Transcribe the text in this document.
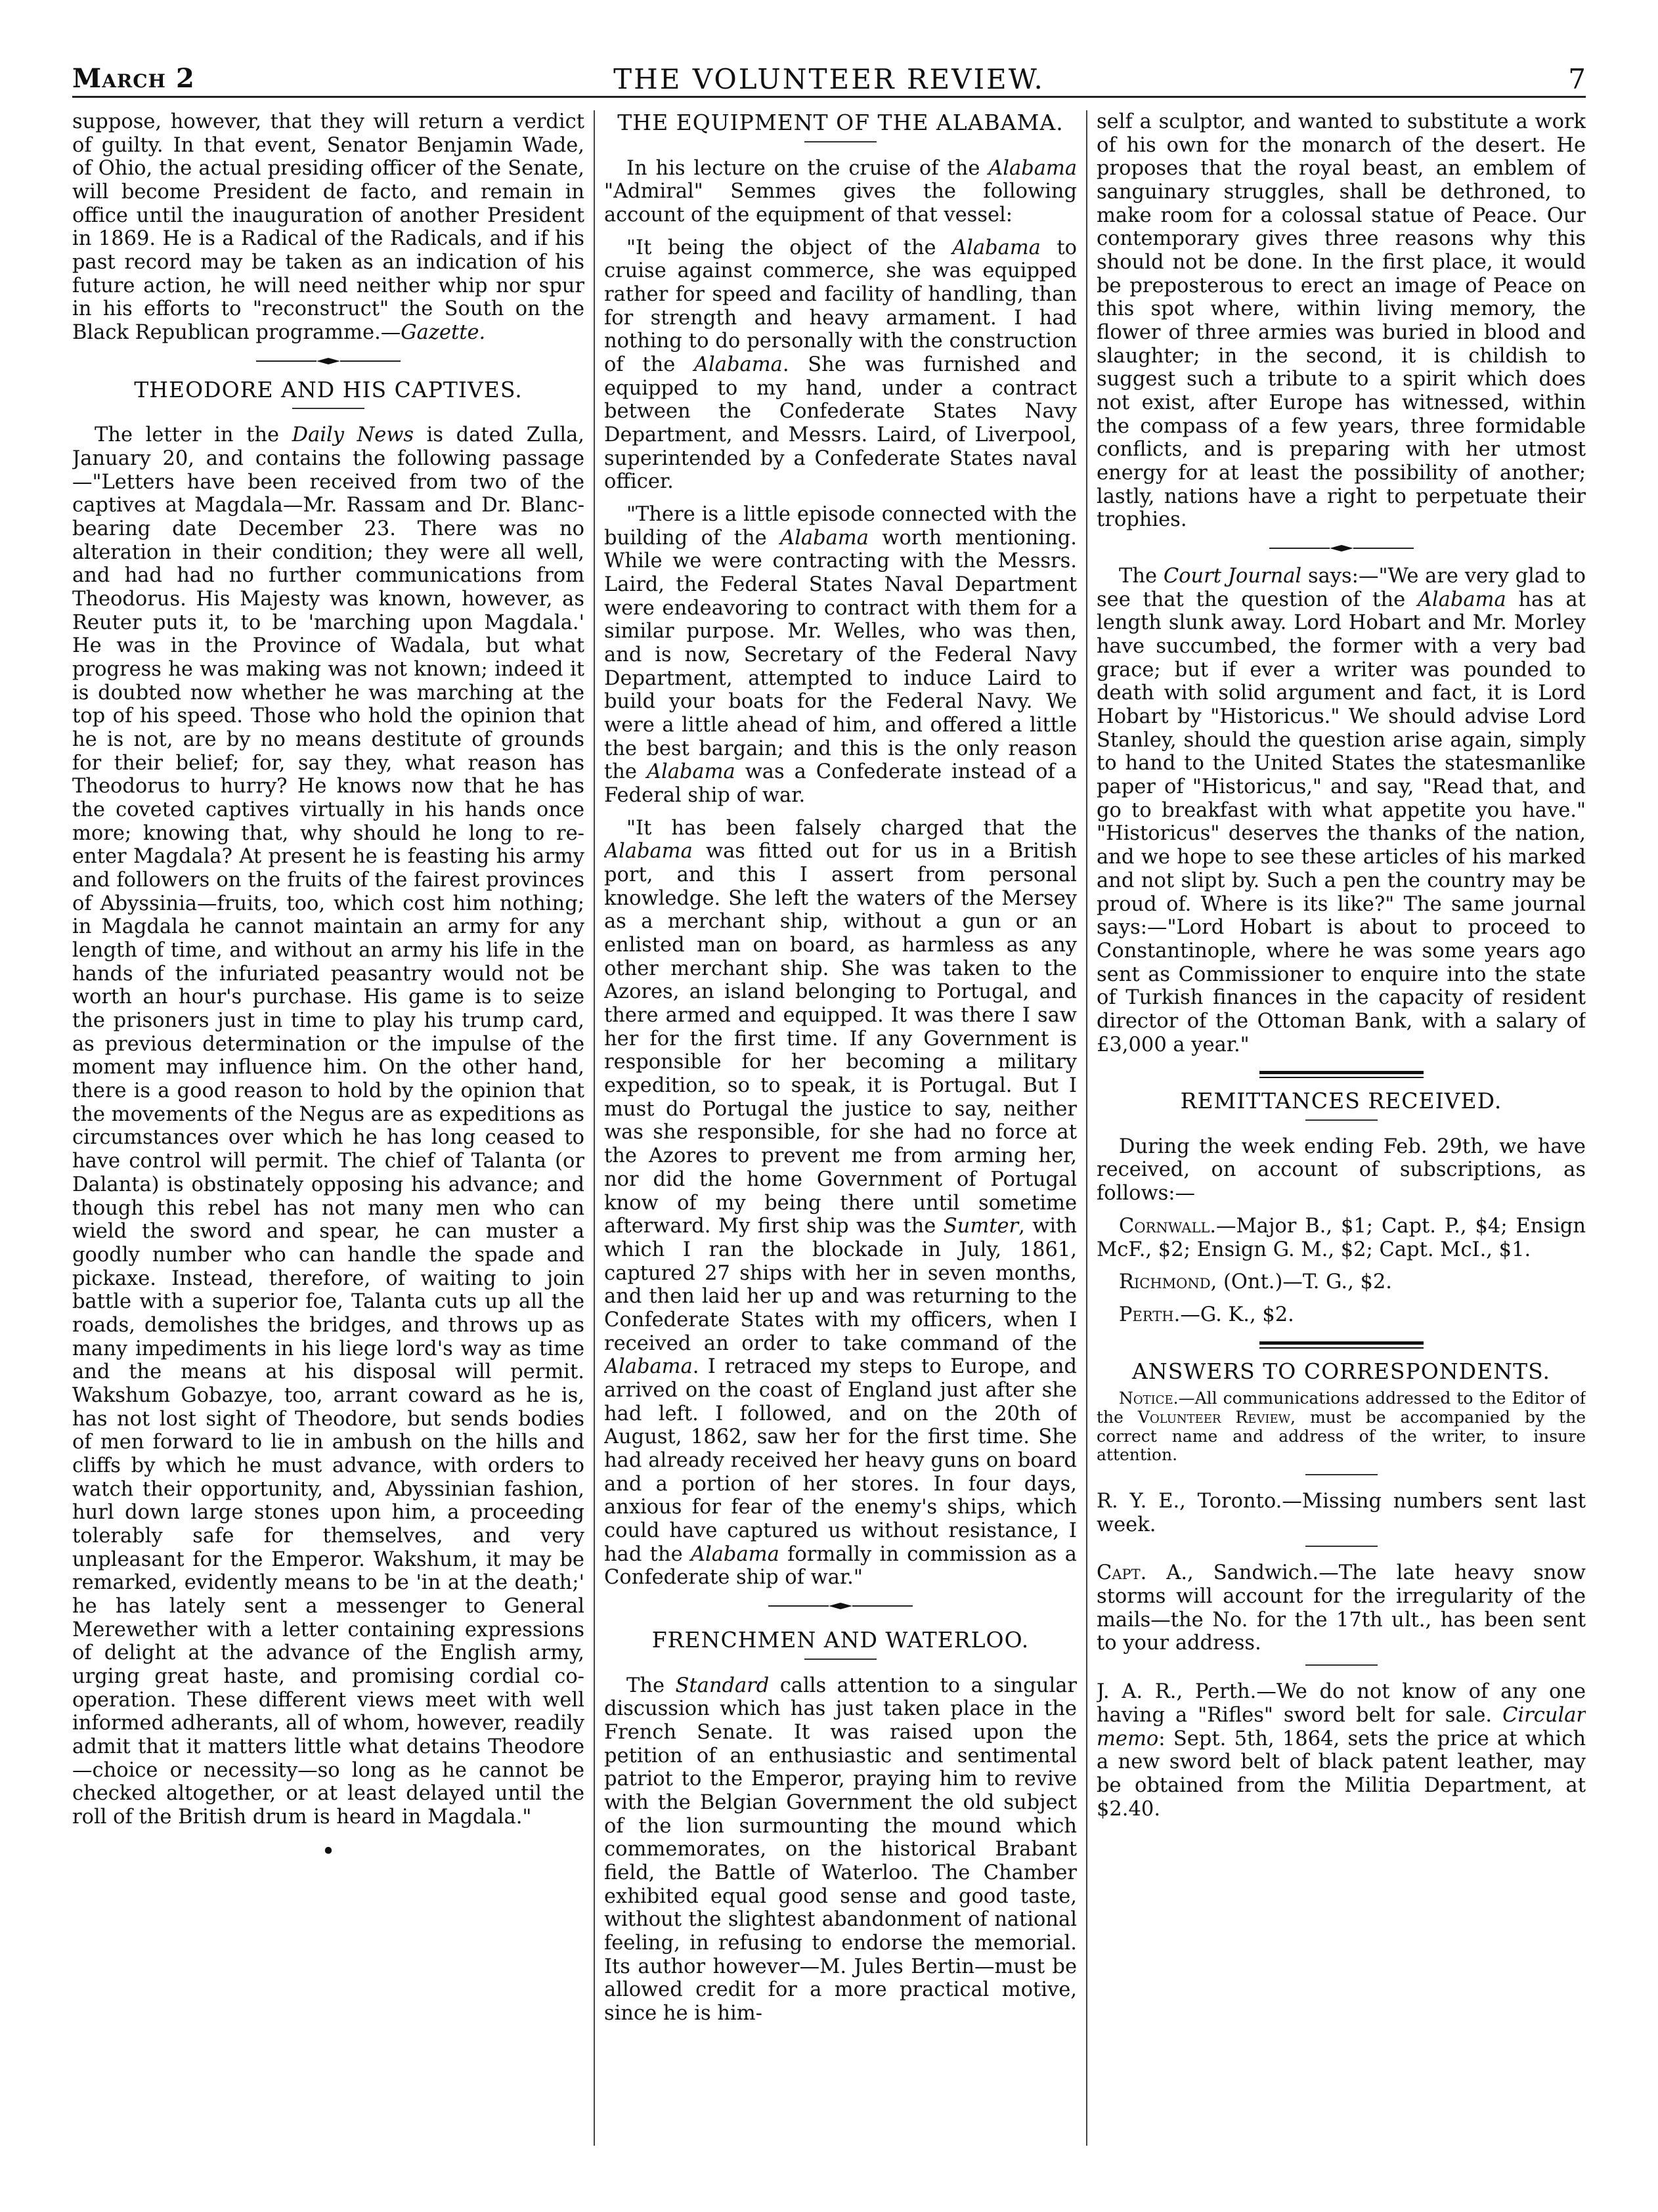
March 2	THE VOLUNTEER REVIEW.	7

suppose, however, that they will return a verdict of guilty. In that event, Senator Benjamin Wade, of Ohio, the actual presiding officer of the Senate, will become President de facto, and remain in office until the inauguration of another President in 1869. He is a Radical of the Radicals, and if his past record may be taken as an indication of his future action, he will need neither whip nor spur in his efforts to "reconstruct" the South on the Black Republican programme.—Gazette.

THEODORE AND HIS CAPTIVES.

The letter in the Daily News is dated Zulla, January 20, and contains the following passage—"Letters have been received from two of the captives at Magdala—Mr. Rassam and Dr. Blanc-bearing date December 23. There was no alteration in their condition; they were all well, and had had no further communications from Theodorus. His Majesty was known, however, as Reuter puts it, to be 'marching upon Magdala.' He was in the Province of Wadala, but what progress he was making was not known; indeed it is doubted now whether he was marching at the top of his speed. Those who hold the opinion that he is not, are by no means destitute of grounds for their belief; for, say they, what reason has Theodorus to hurry? He knows now that he has the coveted captives virtually in his hands once more; knowing that, why should he long to re-enter Magdala? At present he is feasting his army and followers on the fruits of the fairest provinces of Abyssinia—fruits, too, which cost him nothing; in Magdala he cannot maintain an army for any length of time, and without an army his life in the hands of the infuriated peasantry would not be worth an hour's purchase. His game is to seize the prisoners just in time to play his trump card, as previous determination or the impulse of the moment may influence him. On the other hand, there is a good reason to hold by the opinion that the movements of the Negus are as expeditions as circumstances over which he has long ceased to have control will permit. The chief of Talanta (or Dalanta) is obstinately opposing his advance; and though this rebel has not many men who can wield the sword and spear, he can muster a goodly number who can handle the spade and pickaxe. Instead, therefore, of waiting to join battle with a superior foe, Talanta cuts up all the roads, demolishes the bridges, and throws up as many impediments in his liege lord's way as time and the means at his disposal will permit. Wakshum Gobazye, too, arrant coward as he is, has not lost sight of Theodore, but sends bodies of men forward to lie in ambush on the hills and cliffs by which he must advance, with orders to watch their opportunity, and, Abyssinian fashion, hurl down large stones upon him, a proceeding tolerably safe for themselves, and very unpleasant for the Emperor. Wakshum, it may be remarked, evidently means to be 'in at the death;' he has lately sent a messenger to General Merewether with a letter containing expressions of delight at the advance of the English army, urging great haste, and promising cordial co-operation. These different views meet with well informed adherants, all of whom, however, readily admit that it matters little what detains Theodore—choice or necessity—so long as he cannot be checked altogether, or at least delayed until the roll of the British drum is heard in Magdala."

•
THE EQUIPMENT OF THE ALABAMA.

In his lecture on the cruise of the Alabama "Admiral" Semmes gives the following account of the equipment of that vessel:

"It being the object of the Alabama to cruise against commerce, she was equipped rather for speed and facility of handling, than for strength and heavy armament. I had nothing to do personally with the construction of the Alabama. She was furnished and equipped to my hand, under a contract between the Confederate States Navy Department, and Messrs. Laird, of Liverpool, superintended by a Confederate States naval officer.

"There is a little episode connected with the building of the Alabama worth mentioning. While we were contracting with the Messrs. Laird, the Federal States Naval Department were endeavoring to contract with them for a similar purpose. Mr. Welles, who was then, and is now, Secretary of the Federal Navy Department, attempted to induce Laird to build your boats for the Federal Navy. We were a little ahead of him, and offered a little the best bargain; and this is the only reason the Alabama was a Confederate instead of a Federal ship of war.

"It has been falsely charged that the Alabama was fitted out for us in a British port, and this I assert from personal knowledge. She left the waters of the Mersey as a merchant ship, without a gun or an enlisted man on board, as harmless as any other merchant ship. She was taken to the Azores, an island belonging to Portugal, and there armed and equipped. It was there I saw her for the first time. If any Government is responsible for her becoming a military expedition, so to speak, it is Portugal. But I must do Portugal the justice to say, neither was she responsible, for she had no force at the Azores to prevent me from arming her, nor did the home Government of Portugal know of my being there until sometime afterward. My first ship was the Sumter, with which I ran the blockade in July, 1861, captured 27 ships with her in seven months, and then laid her up and was returning to the Confederate States with my officers, when I received an order to take command of the Alabama. I retraced my steps to Europe, and arrived on the coast of England just after she had left. I followed, and on the 20th of August, 1862, saw her for the first time. She had already received her heavy guns on board and a portion of her stores. In four days, anxious for fear of the enemy's ships, which could have captured us without resistance, I had the Alabama formally in commission as a Confederate ship of war."

FRENCHMEN AND WATERLOO.

The Standard calls attention to a singular discussion which has just taken place in the French Senate. It was raised upon the petition of an enthusiastic and sentimental patriot to the Emperor, praying him to revive with the Belgian Government the old subject of the lion surmounting the mound which commemorates, on the historical Brabant field, the Battle of Waterloo. The Chamber exhibited equal good sense and good taste, without the slightest abandonment of national feeling, in refusing to endorse the memorial. Its author however—M. Jules Bertin—must be allowed credit for a more practical motive, since he is him-

self a sculptor, and wanted to substitute a work of his own for the monarch of the desert. He proposes that the royal beast, an emblem of sanguinary struggles, shall be dethroned, to make room for a colossal statue of Peace. Our contemporary gives three reasons why this should not be done. In the first place, it would be preposterous to erect an image of Peace on this spot where, within living memory, the flower of three armies was buried in blood and slaughter; in the second, it is childish to suggest such a tribute to a spirit which does not exist, after Europe has witnessed, within the compass of a few years, three formidable conflicts, and is preparing with her utmost energy for at least the possibility of another; lastly, nations have a right to perpetuate their trophies.

The Court Journal says:—"We are very glad to see that the question of the Alabama has at length slunk away. Lord Hobart and Mr. Morley have succumbed, the former with a very bad grace; but if ever a writer was pounded to death with solid argument and fact, it is Lord Hobart by "Historicus." We should advise Lord Stanley, should the question arise again, simply to hand to the United States the statesmanlike paper of "Historicus," and say, "Read that, and go to breakfast with what appetite you have." "Historicus" deserves the thanks of the nation, and we hope to see these articles of his marked and not slipt by. Such a pen the country may be proud of. Where is its like?" The same journal says:—"Lord Hobart is about to proceed to Constantinople, where he was some years ago sent as Commissioner to enquire into the state of Turkish finances in the capacity of resident director of the Ottoman Bank, with a salary of £3,000 a year."

REMITTANCES RECEIVED.

During the week ending Feb. 29th, we have received, on account of subscriptions, as follows:—

Cornwall.—Major B., $1; Capt. P., $4; Ensign McF., $2; Ensign G. M., $2; Capt. McI., $1.

Richmond, (Ont.)—T. G., $2.

Perth.—G. K., $2.

ANSWERS TO CORRESPONDENTS.

Notice.—All communications addressed to the Editor of the Volunteer Review, must be accompanied by the correct name and address of the writer, to insure attention.

R. Y. E., Toronto.—Missing numbers sent last week.

Capt. A., Sandwich.—The late heavy snow storms will account for the irregularity of the mails—the No. for the 17th ult., has been sent to your address.

J. A. R., Perth.—We do not know of any one having a "Rifles" sword belt for sale. Circular memo: Sept. 5th, 1864, sets the price at which a new sword belt of black patent leather, may be obtained from the Militia Department, at $2.40.
